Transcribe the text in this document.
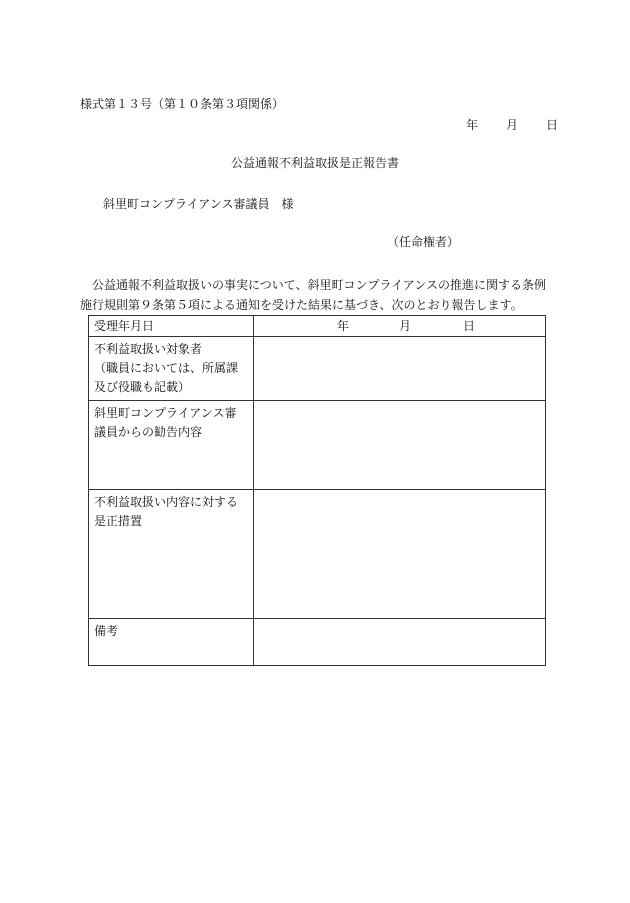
様式第１３号（第１０条第３項関係）
年 月 日
公益通報不利益取扱是正報告書
斜里町コンプライアンス審議員　様
（任命権者）
　公益通報不利益取扱いの事実について、斜里町コンプライアンスの推進に関する条例
施行規則第９条第５項による通知を受けた結果に基づき、次のとおり報告します。
受理年月日	年 月 日

不利益取扱い対象者
（職員においては、所属課
及び役職も記載）	

斜里町コンプライアンス審
議員からの勧告内容	

不利益取扱い内容に対する
是正措置	

備考	
